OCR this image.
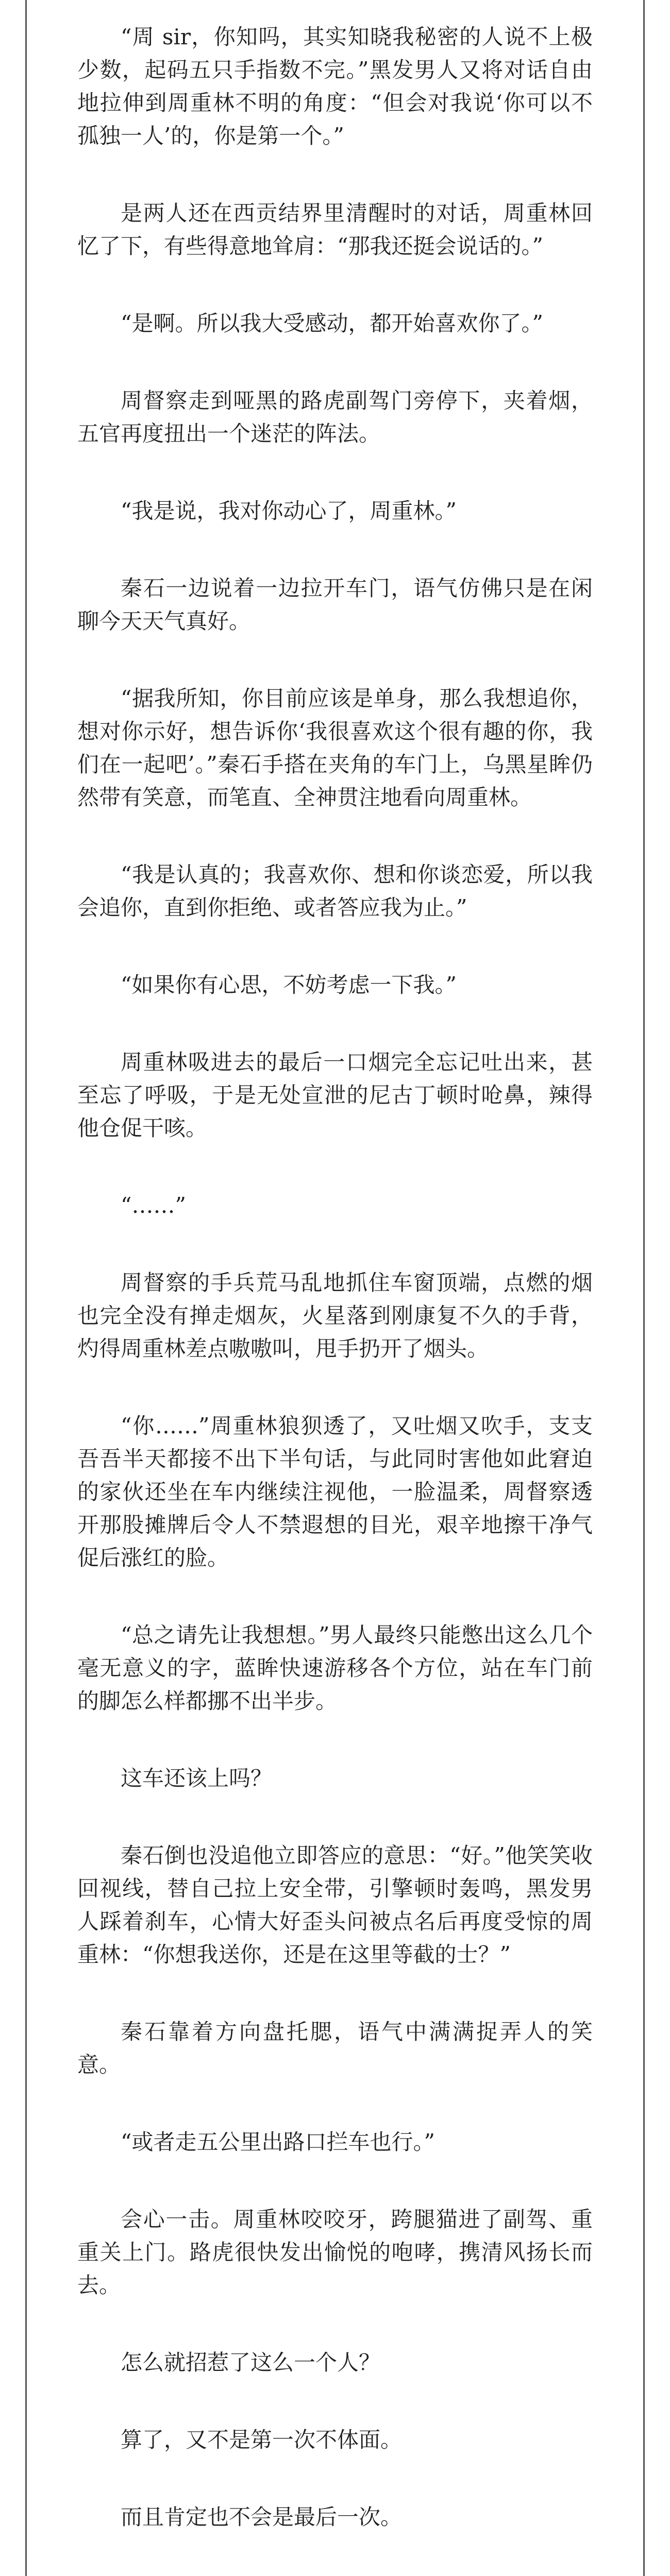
“周 sir，你知吗，其实知晓我秘密的人说不上极少数，起码五只手指数不完。”黑发男人又将对话自由地拉伸到周重林不明的角度：“但会对我说‘你可以不孤独一人’的，你是第一个。”

是两人还在西贡结界里清醒时的对话，周重林回忆了下，有些得意地耸肩：“那我还挺会说话的。”

“是啊。所以我大受感动，都开始喜欢你了。”

周督察走到哑黑的路虎副驾门旁停下，夹着烟，五官再度扭出一个迷茫的阵法。

“我是说，我对你动心了，周重林。”

秦石一边说着一边拉开车门，语气仿佛只是在闲聊今天天气真好。

“据我所知，你目前应该是单身，那么我想追你，想对你示好，想告诉你‘我很喜欢这个很有趣的你，我们在一起吧’。”秦石手搭在夹角的车门上，乌黑星眸仍然带有笑意，而笔直、全神贯注地看向周重林。

“我是认真的；我喜欢你、想和你谈恋爱，所以我会追你，直到你拒绝、或者答应我为止。”

“如果你有心思，不妨考虑一下我。”

周重林吸进去的最后一口烟完全忘记吐出来，甚至忘了呼吸，于是无处宣泄的尼古丁顿时呛鼻，辣得他仓促干咳。

“……”

周督察的手兵荒马乱地抓住车窗顶端，点燃的烟也完全没有掸走烟灰，火星落到刚康复不久的手背，灼得周重林差点嗷嗷叫，甩手扔开了烟头。

“你……”周重林狼狈透了，又吐烟又吹手，支支吾吾半天都接不出下半句话，与此同时害他如此窘迫的家伙还坐在车内继续注视他，一脸温柔，周督察透开那股摊牌后令人不禁遐想的目光，艰辛地擦干净气促后涨红的脸。

“总之请先让我想想。”男人最终只能憋出这么几个毫无意义的字，蓝眸快速游移各个方位，站在车门前的脚怎么样都挪不出半步。

这车还该上吗？

秦石倒也没追他立即答应的意思：“好。”他笑笑收回视线，替自己拉上安全带，引擎顿时轰鸣，黑发男人踩着刹车，心情大好歪头问被点名后再度受惊的周重林：“你想我送你，还是在这里等截的士？”

秦石靠着方向盘托腮，语气中满满捉弄人的笑意。

“或者走五公里出路口拦车也行。”

会心一击。周重林咬咬牙，跨腿猫进了副驾、重重关上门。路虎很快发出愉悦的咆哮，携清风扬长而去。

怎么就招惹了这么一个人？

算了，又不是第一次不体面。

而且肯定也不会是最后一次。
